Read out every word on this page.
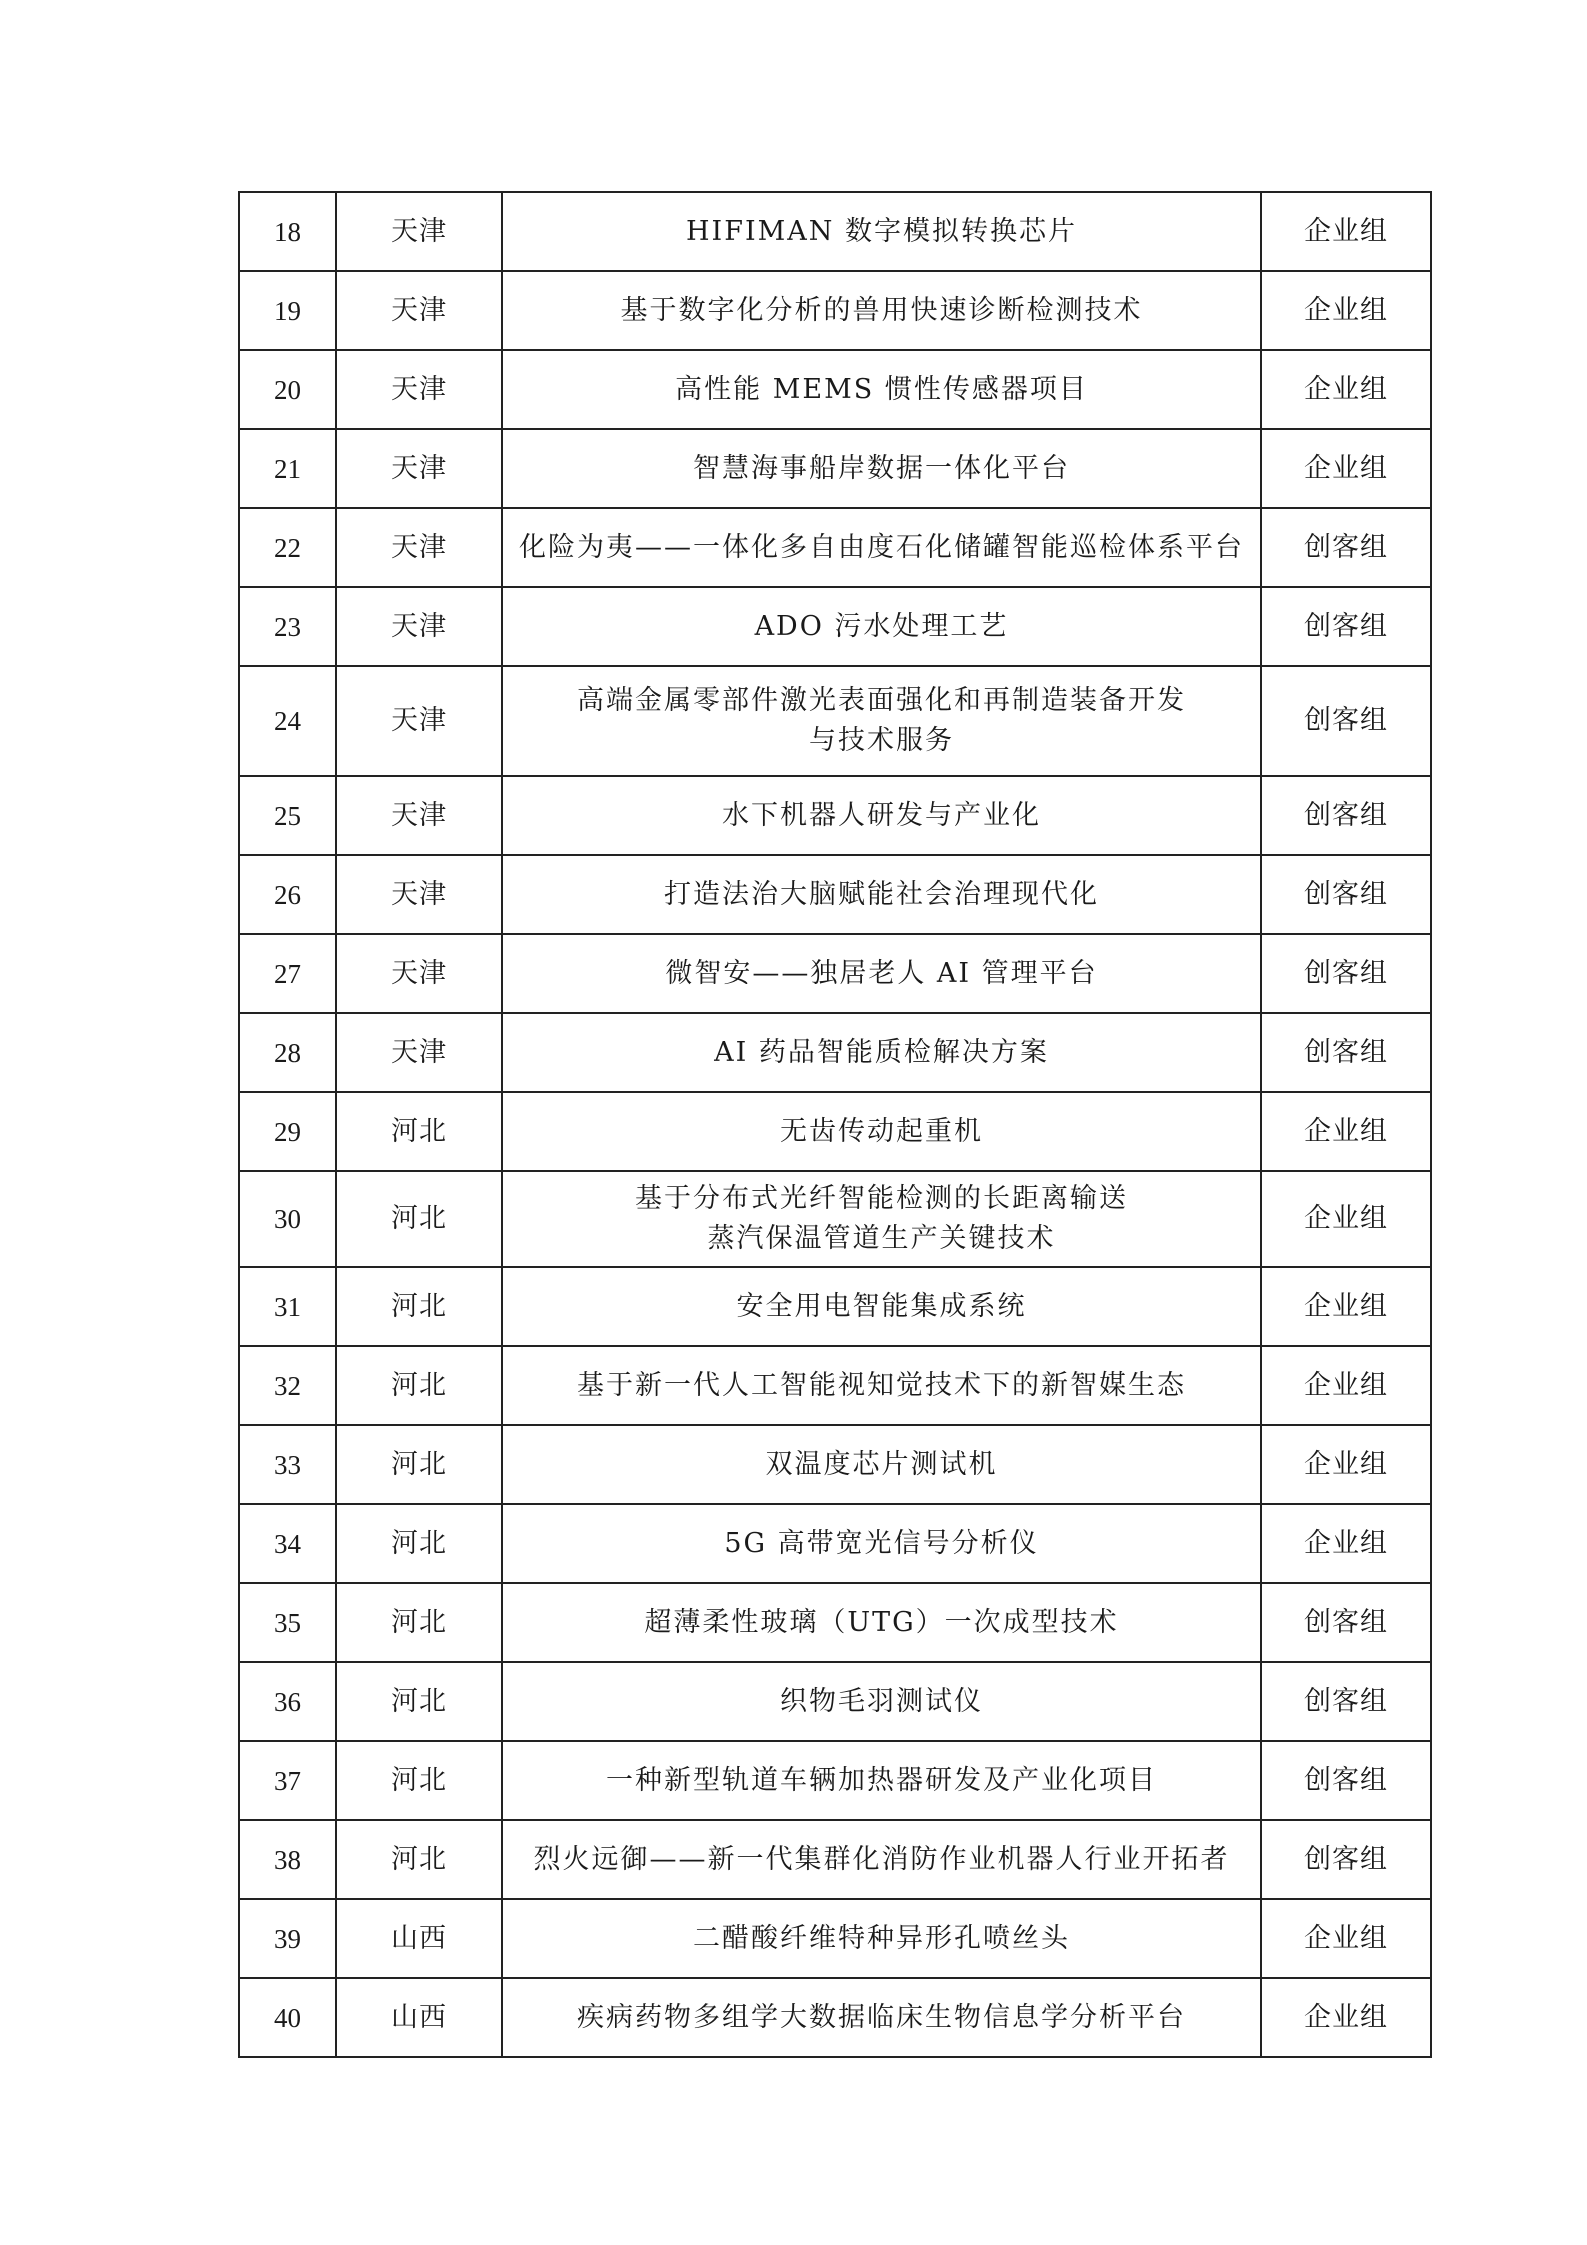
18	天津	HIFIMAN 数字模拟转换芯片	企业组
19	天津	基于数字化分析的兽用快速诊断检测技术	企业组
20	天津	高性能 MEMS 惯性传感器项目	企业组
21	天津	智慧海事船岸数据一体化平台	企业组
22	天津	化险为夷——一体化多自由度石化储罐智能巡检体系平台	创客组
23	天津	ADO 污水处理工艺	创客组
24	天津	高端金属零部件激光表面强化和再制造装备开发
与技术服务	创客组
25	天津	水下机器人研发与产业化	创客组
26	天津	打造法治大脑赋能社会治理现代化	创客组
27	天津	微智安——独居老人 AI 管理平台	创客组
28	天津	AI 药品智能质检解决方案	创客组
29	河北	无齿传动起重机	企业组
30	河北	基于分布式光纤智能检测的长距离输送
蒸汽保温管道生产关键技术	企业组
31	河北	安全用电智能集成系统	企业组
32	河北	基于新一代人工智能视知觉技术下的新智媒生态	企业组
33	河北	双温度芯片测试机	企业组
34	河北	5G 高带宽光信号分析仪	企业组
35	河北	超薄柔性玻璃（UTG）一次成型技术	创客组
36	河北	织物毛羽测试仪	创客组
37	河北	一种新型轨道车辆加热器研发及产业化项目	创客组
38	河北	烈火远御——新一代集群化消防作业机器人行业开拓者	创客组
39	山西	二醋酸纤维特种异形孔喷丝头	企业组
40	山西	疾病药物多组学大数据临床生物信息学分析平台	企业组
